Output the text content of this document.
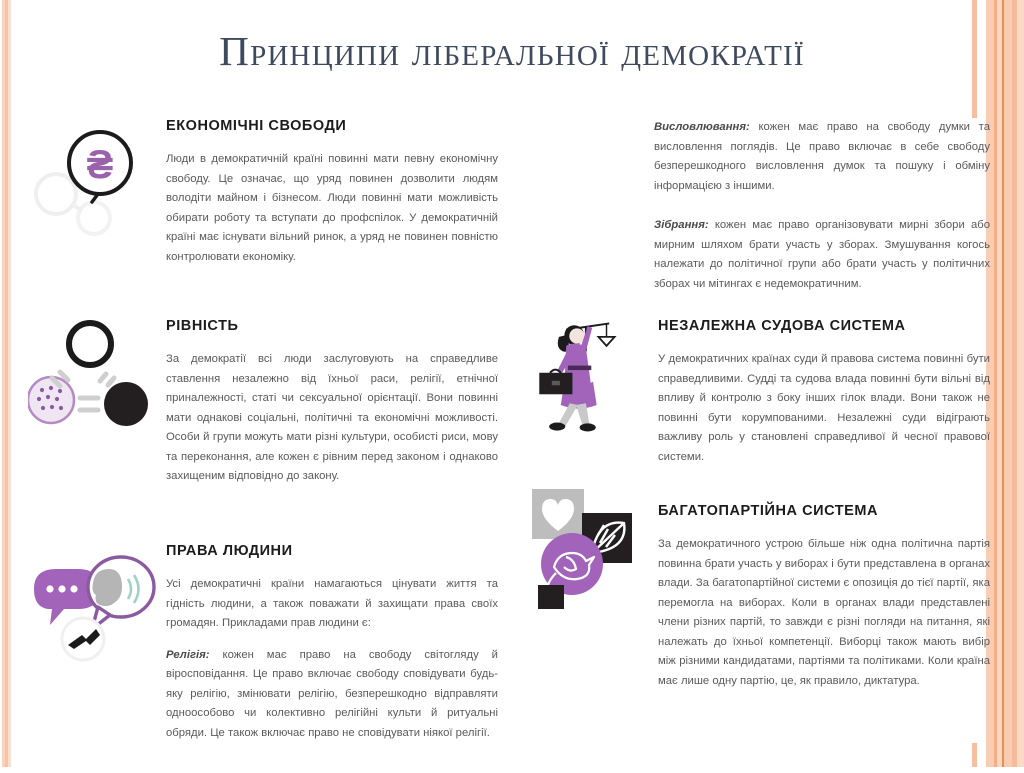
Принципи ліберальної демократії
₴
ЕКОНОМІЧНІ СВОБОДИ

Люди в демократичній країні повинні мати певну економічну свободу. Це означає, що уряд повинен дозволити людям володіти майном і бізнесом. Люди повинні мати можливість обирати роботу та вступати до профспілок. У демократичній країні має існувати вільний ринок, а уряд не повинен повністю контролювати економіку.

РІВНІСТЬ

За демократії всі люди заслуговують на справедливе ставлення незалежно від їхньої раси, релігії, етнічної приналежності, статі чи сексуальної орієнтації. Вони повинні мати однакові соціальні, політичні та економічні можливості. Особи й групи можуть мати різні культури, особисті риси, мову та переконання, але кожен є рівним перед законом і однаково захищеним відповідно до закону.

ПРАВА ЛЮДИНИ

Усі демократичні країни намагаються цінувати життя та гідність людини, а також поважати й захищати права своїх громадян. Прикладами прав людини є:

Релігія: кожен має право на свободу світогляду й віросповідання. Це право включає свободу сповідувати будь-яку релігію, змінювати релігію, безперешкодно відправляти одноособово чи колективно релігійні культи й ритуальні обряди. Це також включає право не сповідувати ніякої релігії.

Висловлювання: кожен має право на свободу думки та висловлення поглядів. Це право включає в себе свободу безперешкодного висловлення думок та пошуку і обміну інформацією з іншими.

Зібрання: кожен має право організовувати мирні збори або мирним шляхом брати участь у зборах. Змушування когось належати до політичної групи або брати участь у політичних зборах чи мітингах є недемократичним.

НЕЗАЛЕЖНА СУДОВА СИСТЕМА

У демократичних країнах суди й правова система повинні бути справедливими. Судді та судова влада повинні бути вільні від впливу й контролю з боку інших гілок влади. Вони також не повинні бути корумпованими. Незалежні суди відіграють важливу роль у становлені справедливої й чесної правової системи.

БАГАТОПАРТІЙНА СИСТЕМА

За демократичного устрою більше ніж одна політична партія повинна брати участь у виборах і бути представлена в органах влади. За багатопартійної системи є опозиція до тієї партії, яка перемогла на виборах. Коли в органах влади представлені члени різних партій, то завжди є різні погляди на питання, які належать до їхньої компетенції. Виборці також мають вибір між різними кандидатами, партіями та політиками. Коли країна має лише одну партію, це, як правило, диктатура.
